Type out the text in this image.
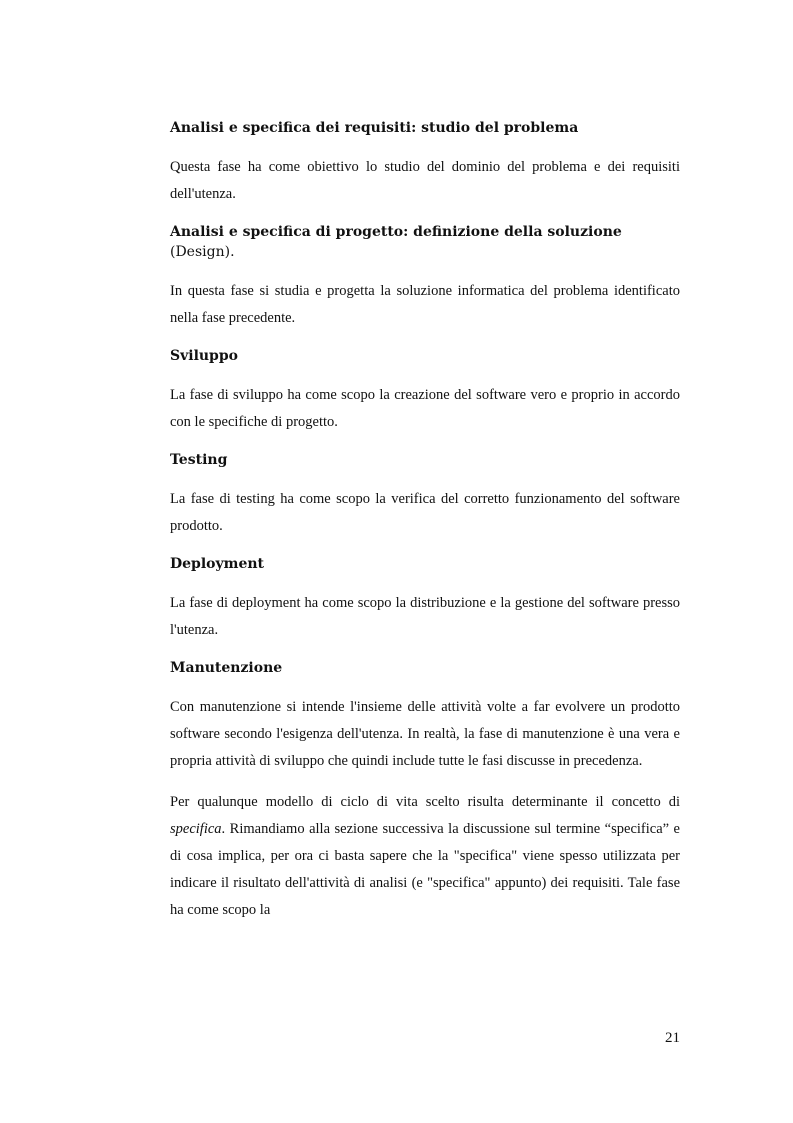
Analisi e specifica dei requisiti: studio del problema

Questa fase ha come obiettivo lo studio del dominio del problema e dei requisiti dell'utenza.

Analisi e specifica di progetto: definizione della soluzione (Design).

In questa fase si studia e progetta la soluzione informatica del problema identificato nella fase precedente.

Sviluppo

La fase di sviluppo ha come scopo la creazione del software vero e proprio in accordo con le specifiche di progetto.

Testing

La fase di testing ha come scopo la verifica del corretto funzionamento del software prodotto.

Deployment

La fase di deployment ha come scopo la distribuzione e la gestione del software presso l'utenza.

Manutenzione

Con manutenzione si intende l'insieme delle attività volte a far evolvere un prodotto software secondo l'esigenza dell'utenza. In realtà, la fase di manutenzione è una vera e propria attività di sviluppo che quindi include tutte le fasi discusse in precedenza.

Per qualunque modello di ciclo di vita scelto risulta determinante il concetto di specifica. Rimandiamo alla sezione successiva la discussione sul termine “specifica” e di cosa implica, per ora ci basta sapere che la "specifica" viene spesso utilizzata per indicare il risultato dell'attività di analisi (e "specifica" appunto) dei requisiti. Tale fase ha come scopo la

21
